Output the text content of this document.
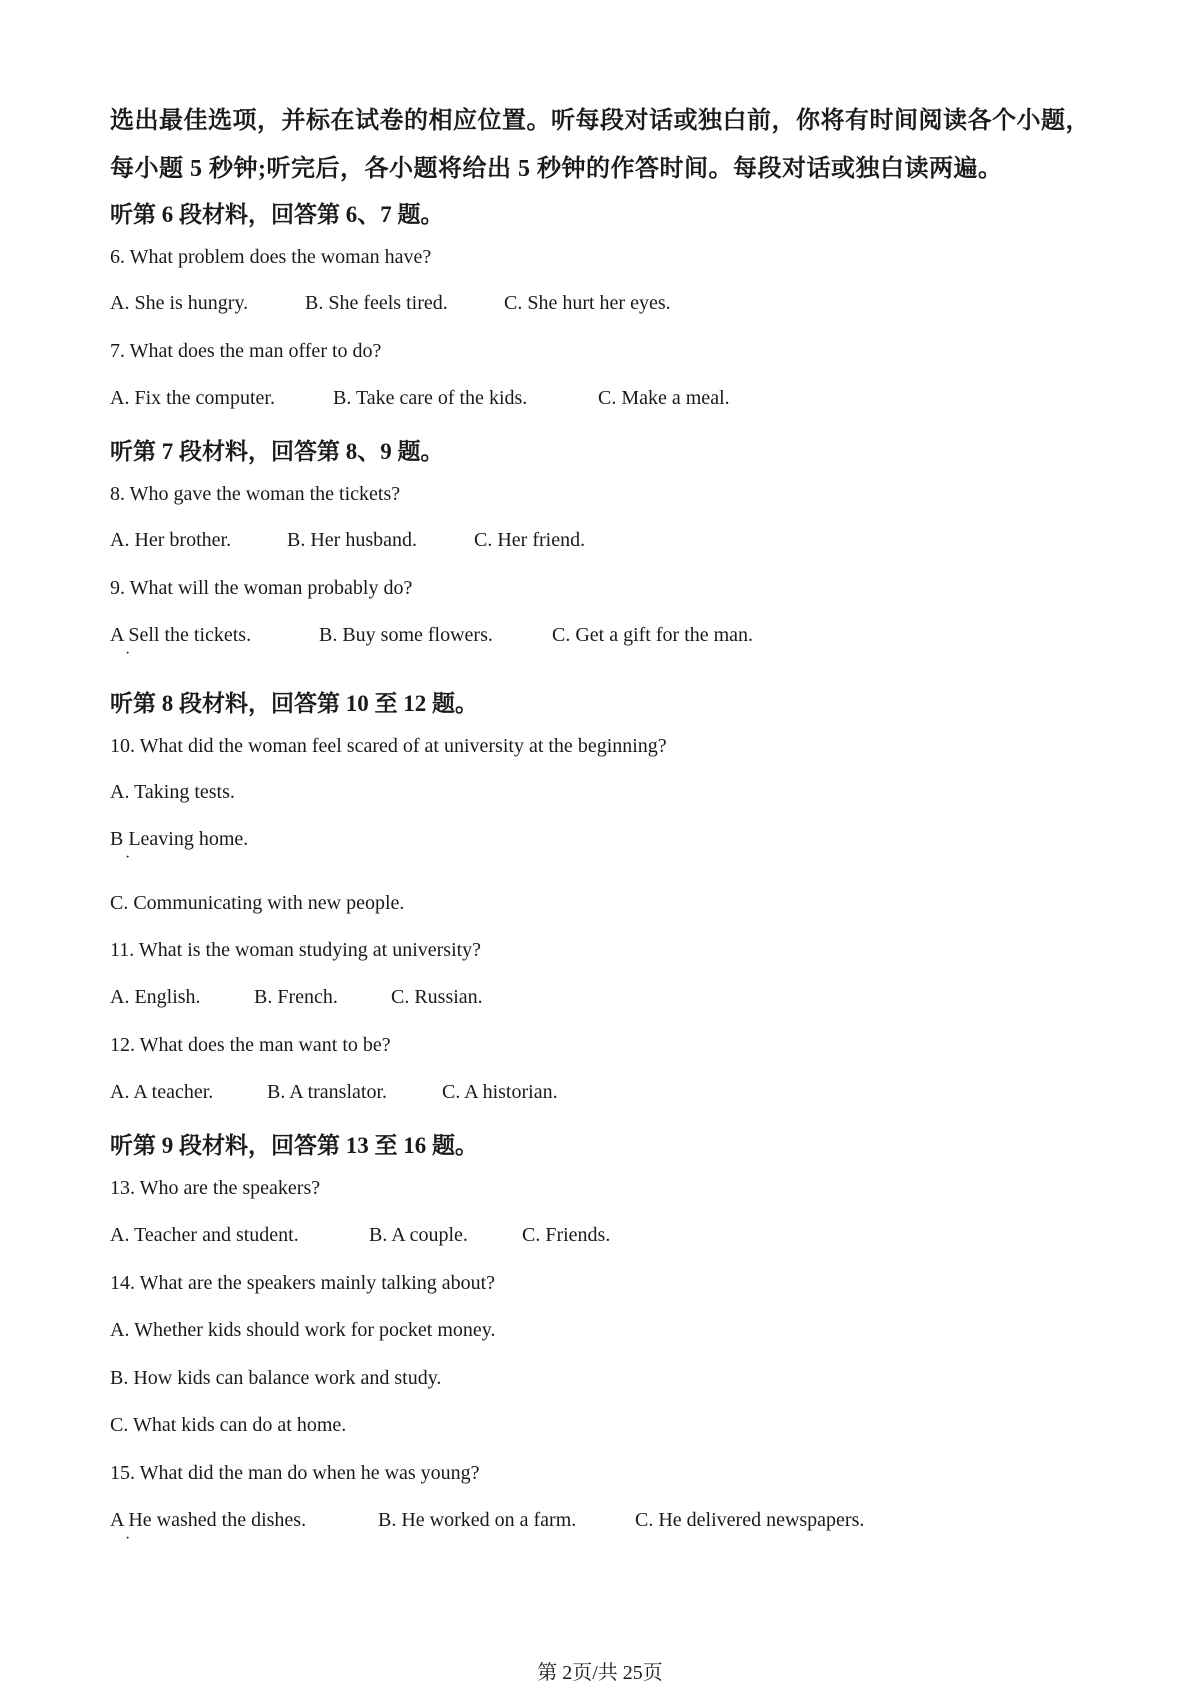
选出最佳选项，并标在试卷的相应位置。听每段对话或独白前，你将有时间阅读各个小题，
每小题 5 秒钟;听完后，各小题将给出 5 秒钟的作答时间。每段对话或独白读两遍。
听第 6 段材料，回答第 6、7 题。
6. What problem does the woman have?
A. She is hungry.	B. She feels tired.	C. She hurt her eyes.
7. What does the man offer to do?
A. Fix the computer.	B. Take care of the kids.	C. Make a meal.
听第 7 段材料，回答第 8、9 题。
8. Who gave the woman the tickets?
A. Her brother.	B. Her husband.	C. Her friend.
9. What will the woman probably do?
A Sell the tickets.	B. Buy some flowers.	C. Get a gift for the man.
·
听第 8 段材料，回答第 10 至 12 题。
10. What did the woman feel scared of at university at the beginning?
A. Taking tests.
B Leaving home.
·
C. Communicating with new people.
11. What is the woman studying at university?
A. English.	B. French.	C. Russian.
12. What does the man want to be?
A. A teacher.	B. A translator.	C. A historian.
听第 9 段材料，回答第 13 至 16 题。
13. Who are the speakers?
A. Teacher and student.	B. A couple.	C. Friends.
14. What are the speakers mainly talking about?
A. Whether kids should work for pocket money.
B. How kids can balance work and study.
C. What kids can do at home.
15. What did the man do when he was young?
A He washed the dishes.	B. He worked on a farm.	C. He delivered newspapers.
·
第 2页/共 25页
